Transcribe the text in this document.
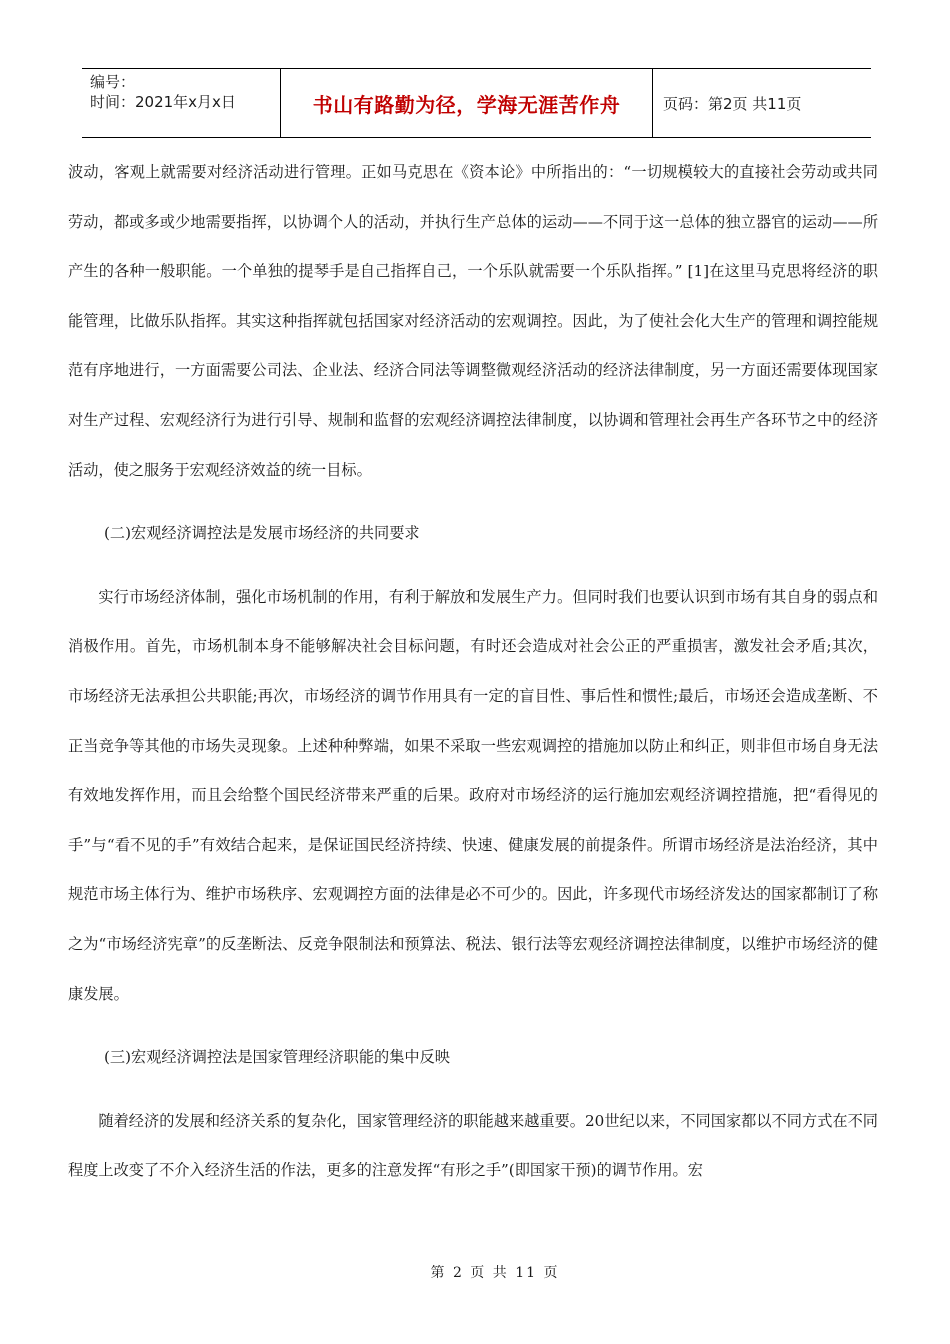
编号：
时间：2021年x月x日	书山有路勤为径，学海无涯苦作舟	页码：第2页 共11页

波动，客观上就需要对经济活动进行管理。正如马克思在《资本论》中所指出的：“一切规模较大的直接社会劳动或共同劳动，都或多或少地需要指挥，以协调个人的活动，并执行生产总体的运动——不同于这一总体的独立器官的运动——所产生的各种一般职能。一个单独的提琴手是自己指挥自己，一个乐队就需要一个乐队指挥。” [1]在这里马克思将经济的职能管理，比做乐队指挥。其实这种指挥就包括国家对经济活动的宏观调控。因此，为了使社会化大生产的管理和调控能规范有序地进行，一方面需要公司法、企业法、经济合同法等调整微观经济活动的经济法律制度，另一方面还需要体现国家对生产过程、宏观经济行为进行引导、规制和监督的宏观经济调控法律制度，以协调和管理社会再生产各环节之中的经济活动，使之服务于宏观经济效益的统一目标。

(二)宏观经济调控法是发展市场经济的共同要求

实行市场经济体制，强化市场机制的作用，有利于解放和发展生产力。但同时我们也要认识到市场有其自身的弱点和消极作用。首先，市场机制本身不能够解决社会目标问题，有时还会造成对社会公正的严重损害，激发社会矛盾;其次，市场经济无法承担公共职能;再次，市场经济的调节作用具有一定的盲目性、事后性和惯性;最后，市场还会造成垄断、不正当竞争等其他的市场失灵现象。上述种种弊端，如果不采取一些宏观调控的措施加以防止和纠正，则非但市场自身无法有效地发挥作用，而且会给整个国民经济带来严重的后果。政府对市场经济的运行施加宏观经济调控措施，把“看得见的手”与“看不见的手”有效结合起来，是保证国民经济持续、快速、健康发展的前提条件。所谓市场经济是法治经济，其中规范市场主体行为、维护市场秩序、宏观调控方面的法律是必不可少的。因此，许多现代市场经济发达的国家都制订了称之为“市场经济宪章”的反垄断法、反竞争限制法和预算法、税法、银行法等宏观经济调控法律制度，以维护市场经济的健康发展。

(三)宏观经济调控法是国家管理经济职能的集中反映

随着经济的发展和经济关系的复杂化，国家管理经济的职能越来越重要。20世纪以来，不同国家都以不同方式在不同程度上改变了不介入经济生活的作法，更多的注意发挥“有形之手”(即国家干预)的调节作用。宏

第 2 页 共 11 页
